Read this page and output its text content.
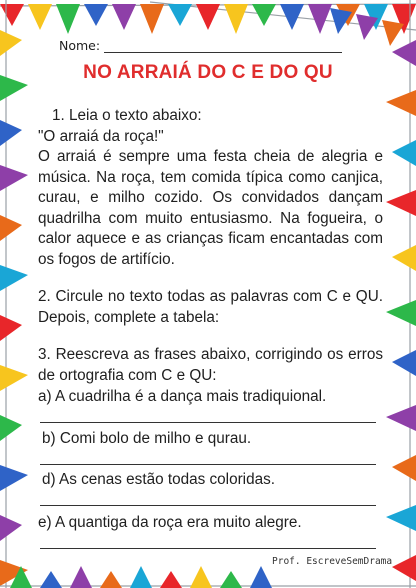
Nome:
NO ARRAIÁ DO C E DO QU
1. Leia o texto abaixo:
"O arraiá da roça!"
O arraiá é sempre uma festa cheia de alegria e música. Na roça, tem comida típica como canjica, curau, e milho cozido. Os convidados dançam quadrilha com muito entusiasmo. Na fogueira, o calor aquece e as crianças ficam encantadas com os fogos de artifício.
2. Circule no texto todas as palavras com C e QU. Depois, complete a tabela:
3. Reescreva as frases abaixo, corrigindo os erros de ortografia com C e QU:
a) A cuadrilha é a dança mais tradiquional.
b) Comi bolo de milho e qurau.
d) As cenas estão todas coloridas.
e) A quantiga da roça era muito alegre.
Prof. EscreveSemDrama
